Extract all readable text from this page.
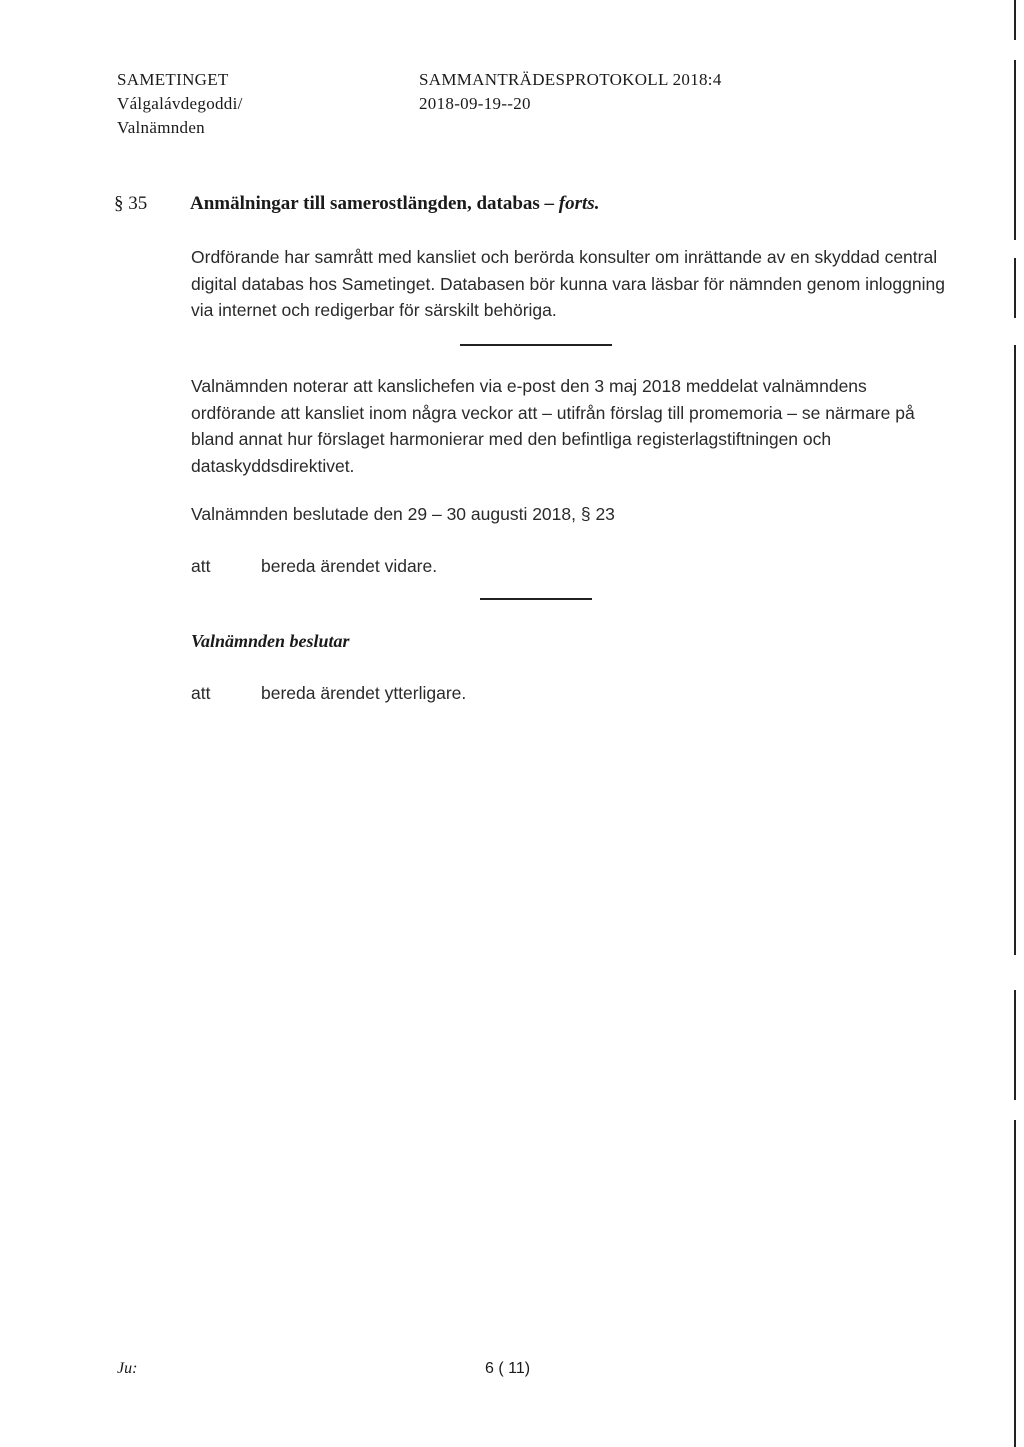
SAMETINGET
Válgalávdegoddi/
Valnämnden
SAMMANTRÄDESPROTOKOLL 2018:4
2018-09-19--20
§ 35 Anmälningar till samerostlängden, databas – forts.
Ordförande har samrått med kansliet och berörda konsulter om inrättande av en skyddad central digital databas hos Sametinget. Databasen bör kunna vara läsbar för nämnden genom inloggning via internet och redigerbar för särskilt behöriga.
Valnämnden noterar att kanslichefen via e-post den 3 maj 2018 meddelat valnämndens ordförande att kansliet inom några veckor att – utifrån förslag till promemoria – se närmare på bland annat hur förslaget harmonierar med den befintliga registerlagstiftningen och dataskyddsdirektivet.
Valnämnden beslutade den 29 – 30 augusti 2018, § 23
att	bereda ärendet vidare.
Valnämnden beslutar
att	bereda ärendet ytterligare.
Ju:	6 ( 11)
